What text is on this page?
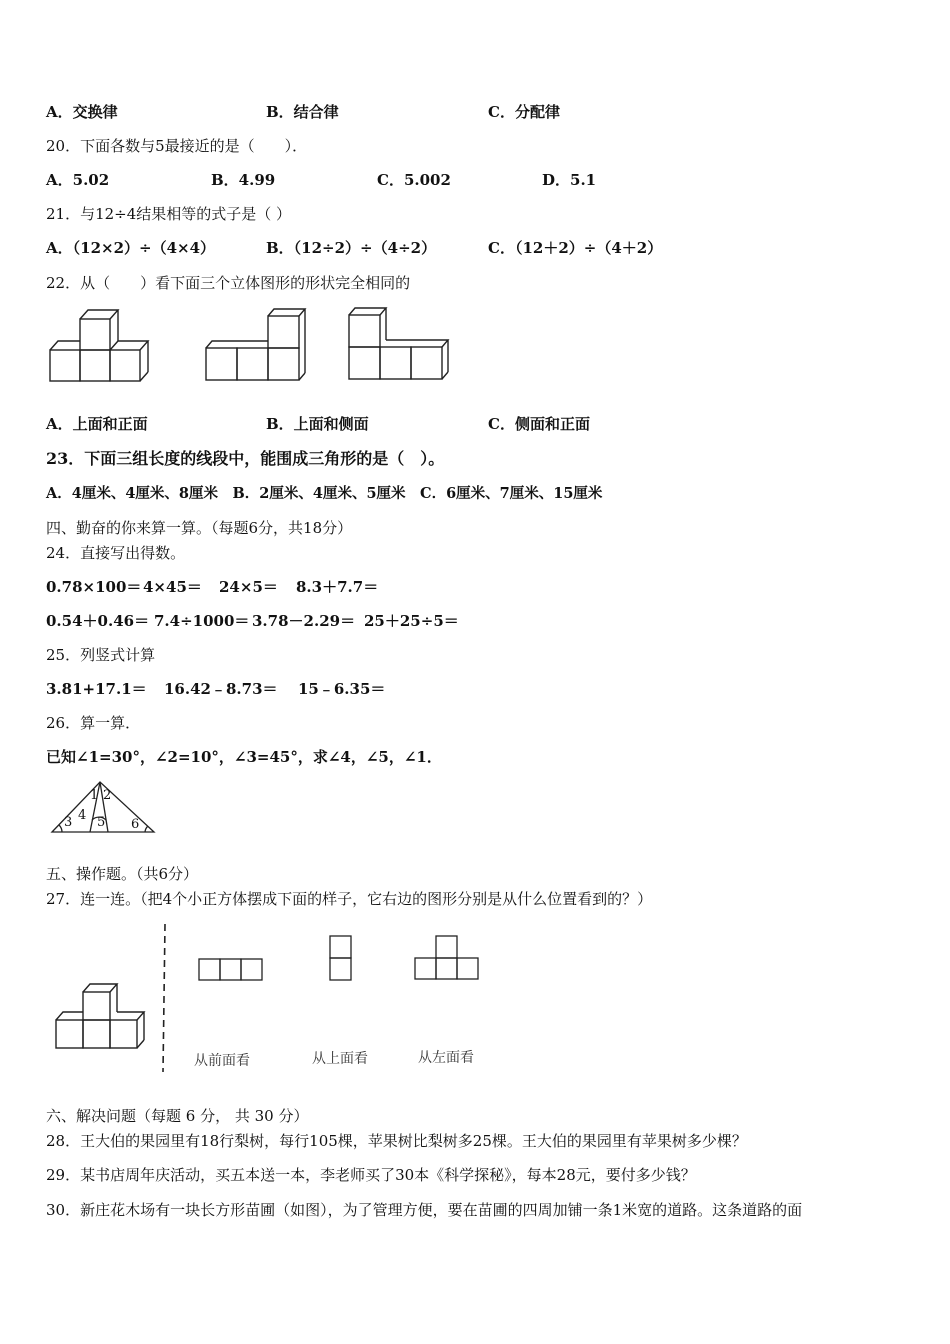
A．交换律	B．结合律	C．分配律
20．下面各数与5最接近的是（　　）．
A．5.02	B．4.99	C．5.002	D．5.1
21．与12÷4结果相等的式子是（ ）
A．（12×2）÷（4×4）	B．（12÷2）÷（4÷2）	C．（12＋2）÷（4＋2）
22．从（　　）看下面三个立体图形的形状完全相同的
A．上面和正面	B．上面和侧面	C．侧面和正面
23．下面三组长度的线段中，能围成三角形的是（　）。
A．4厘米、4厘米、8厘米　B．2厘米、4厘米、5厘米　C．6厘米、7厘米、15厘米
四、勤奋的你来算一算。（每题6分，共18分）
24．直接写出得数。
0.78×100＝ 4×45＝ 24×5＝ 8.3＋7.7＝
0.54＋0.46＝ 7.4÷1000＝ 3.78－2.29＝ 25＋25÷5＝
25．列竖式计算
3.81+17.1＝ 16.42﹣8.73＝ 15﹣6.35＝
26．算一算．
已知∠1=30°，∠2=10°，∠3=45°，求∠4，∠5，∠1．
1 2
3 4 5 6
五、操作题。（共6分）
27．连一连。（把4个小正方体摆成下面的样子，它右边的图形分别是从什么位置看到的？）
从前面看	从上面看	从左面看
六、解决问题（每题 6 分， 共 30 分）
28．王大伯的果园里有18行梨树，每行105棵，苹果树比梨树多25棵。王大伯的果园里有苹果树多少棵？
29．某书店周年庆活动，买五本送一本，李老师买了30本《科学探秘》，每本28元，要付多少钱？
30．新庄花木场有一块长方形苗圃（如图），为了管理方便，要在苗圃的四周加铺一条1米宽的道路。这条道路的面
